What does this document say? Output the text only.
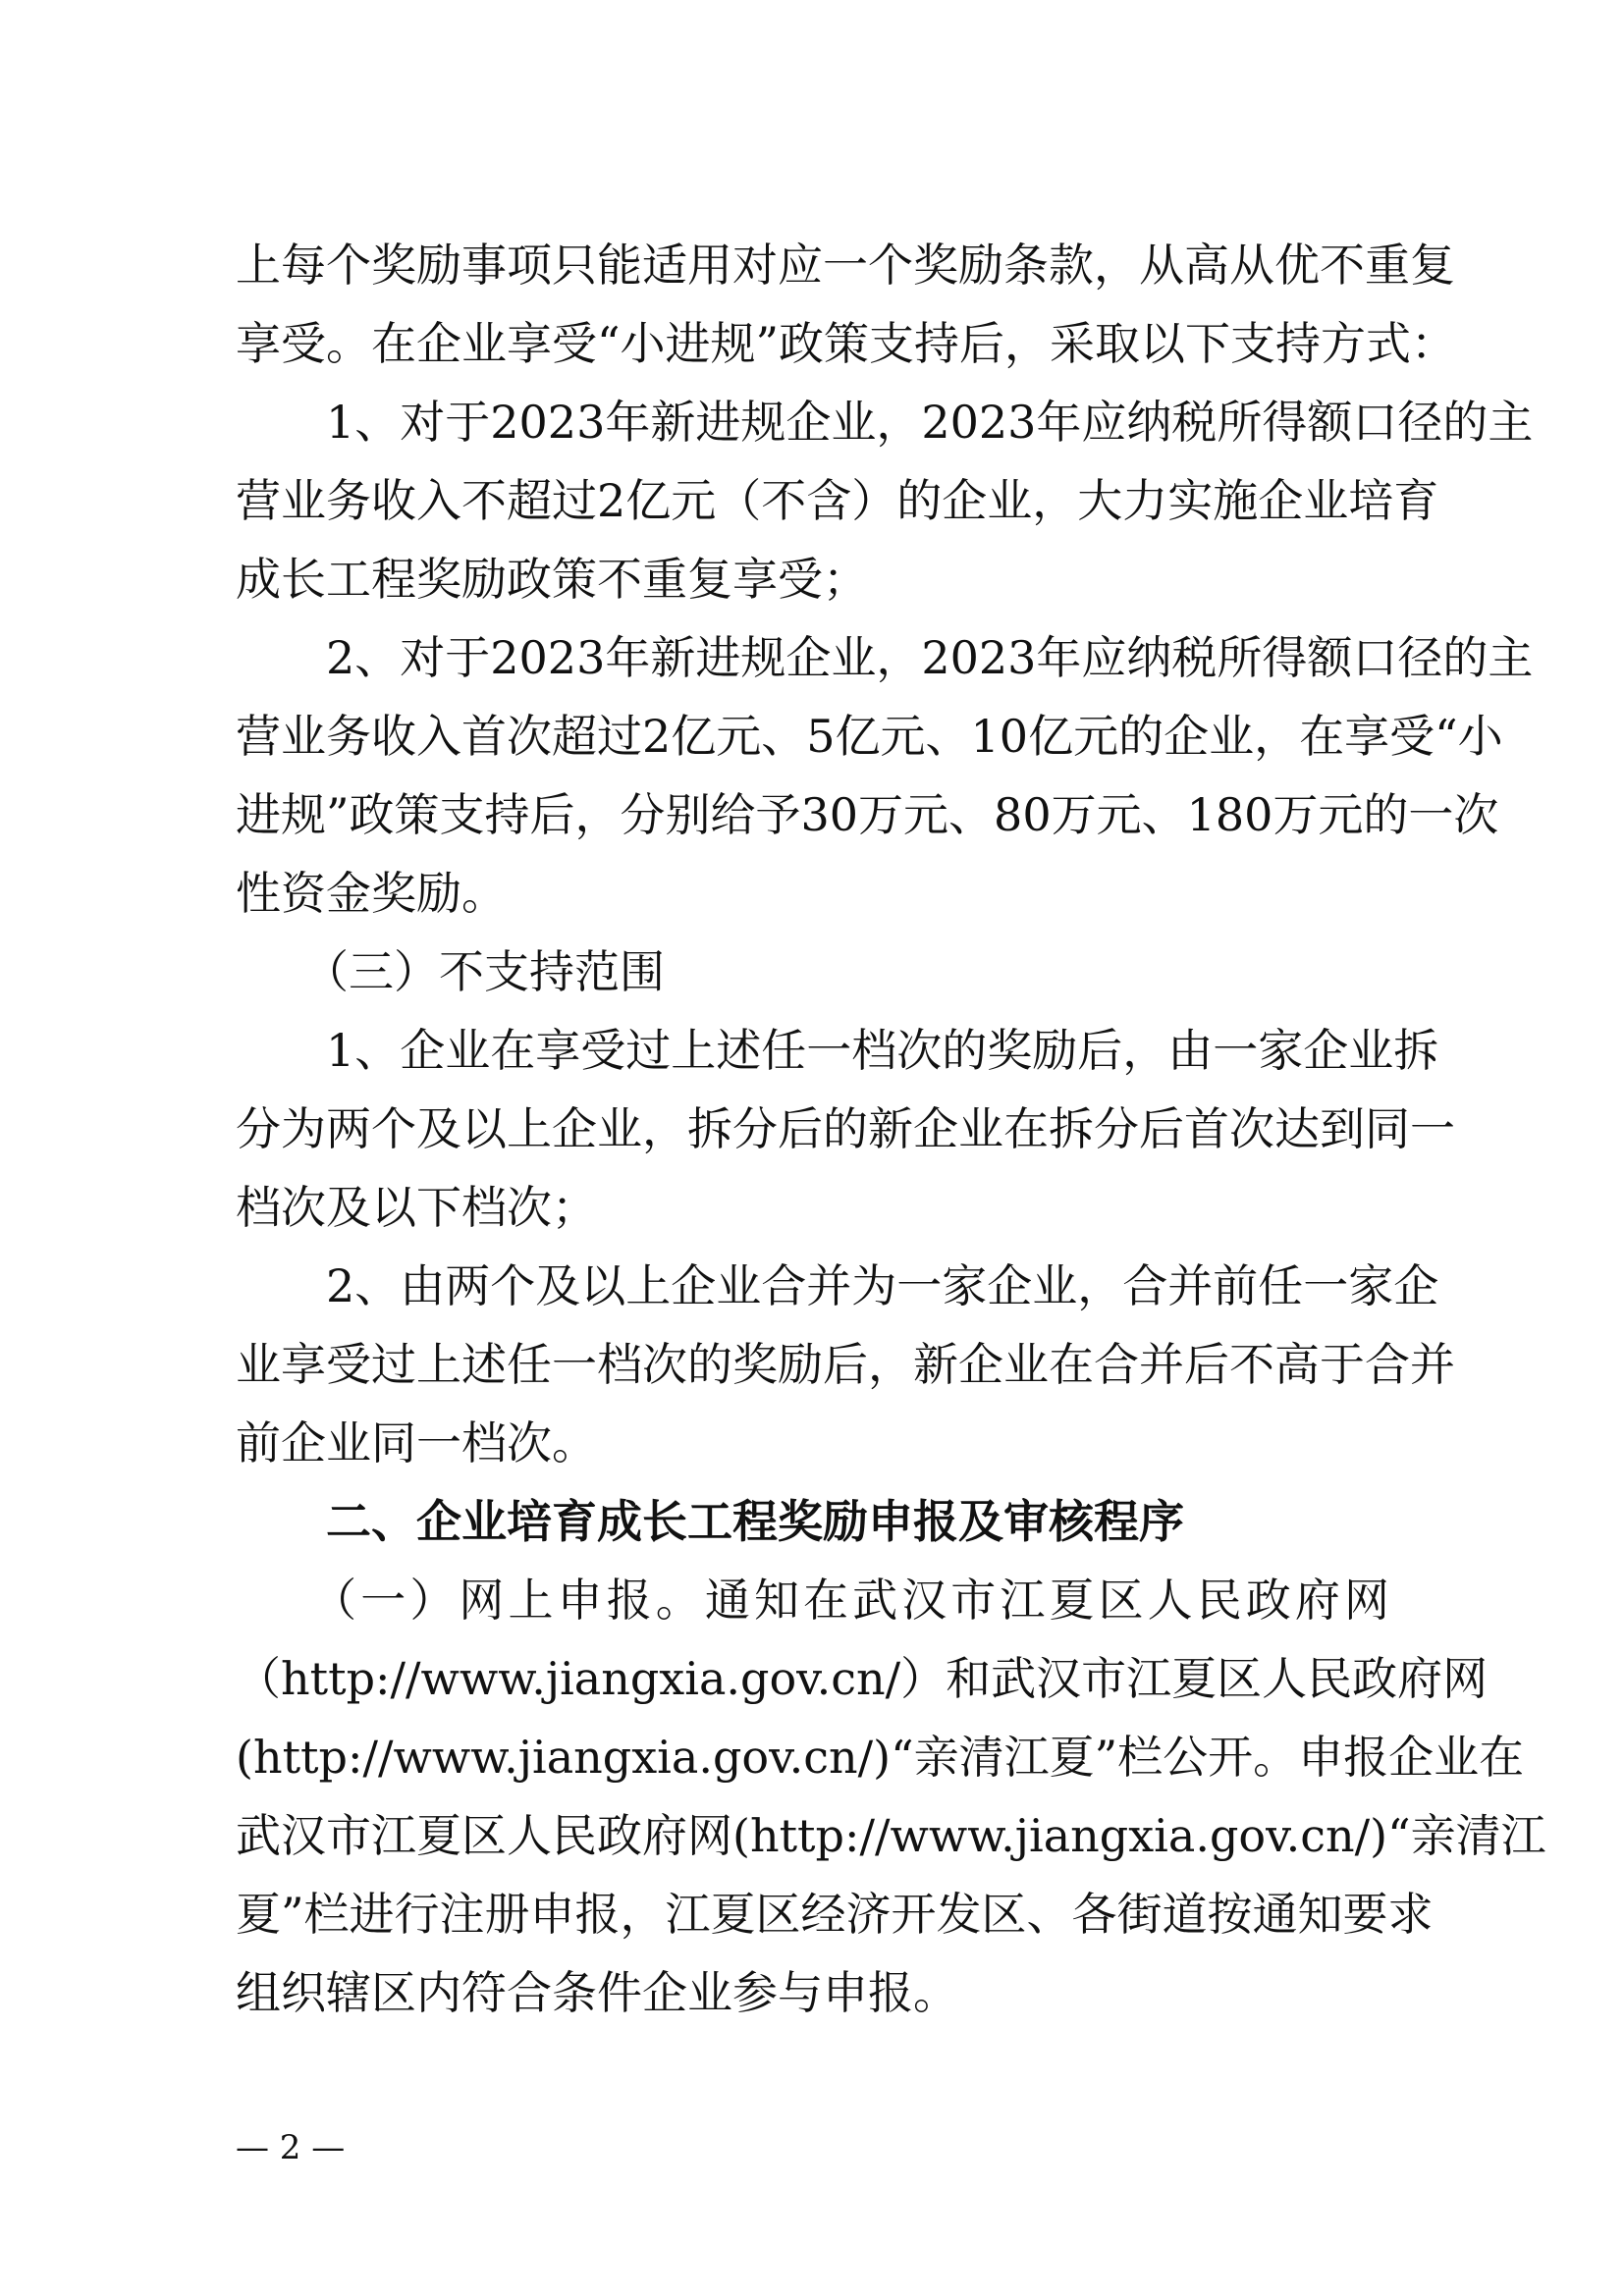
上每个奖励事项只能适用对应一个奖励条款，从高从优不重复
享受。在企业享受“小进规”政策支持后，采取以下支持方式：
　　1、对于2023年新进规企业，2023年应纳税所得额口径的主
营业务收入不超过2亿元（不含）的企业，大力实施企业培育
成长工程奖励政策不重复享受；
　　2、对于2023年新进规企业，2023年应纳税所得额口径的主
营业务收入首次超过2亿元、5亿元、10亿元的企业，在享受“小
进规”政策支持后，分别给予30万元、80万元、180万元的一次
性资金奖励。
　　（三）不支持范围
　　1、企业在享受过上述任一档次的奖励后，由一家企业拆
分为两个及以上企业，拆分后的新企业在拆分后首次达到同一
档次及以下档次；
　　2、由两个及以上企业合并为一家企业，合并前任一家企
业享受过上述任一档次的奖励后，新企业在合并后不高于合并
前企业同一档次。
　　二、企业培育成长工程奖励申报及审核程序
　　（一）网上申报。通知在武汉市江夏区人民政府网
（http://www.jiangxia.gov.cn/）和武汉市江夏区人民政府网
(http://www.jiangxia.gov.cn/)“亲清江夏”栏公开。申报企业在
武汉市江夏区人民政府网(http://www.jiangxia.gov.cn/)“亲清江
夏”栏进行注册申报，江夏区经济开发区、各街道按通知要求
组织辖区内符合条件企业参与申报。
— 2 —
